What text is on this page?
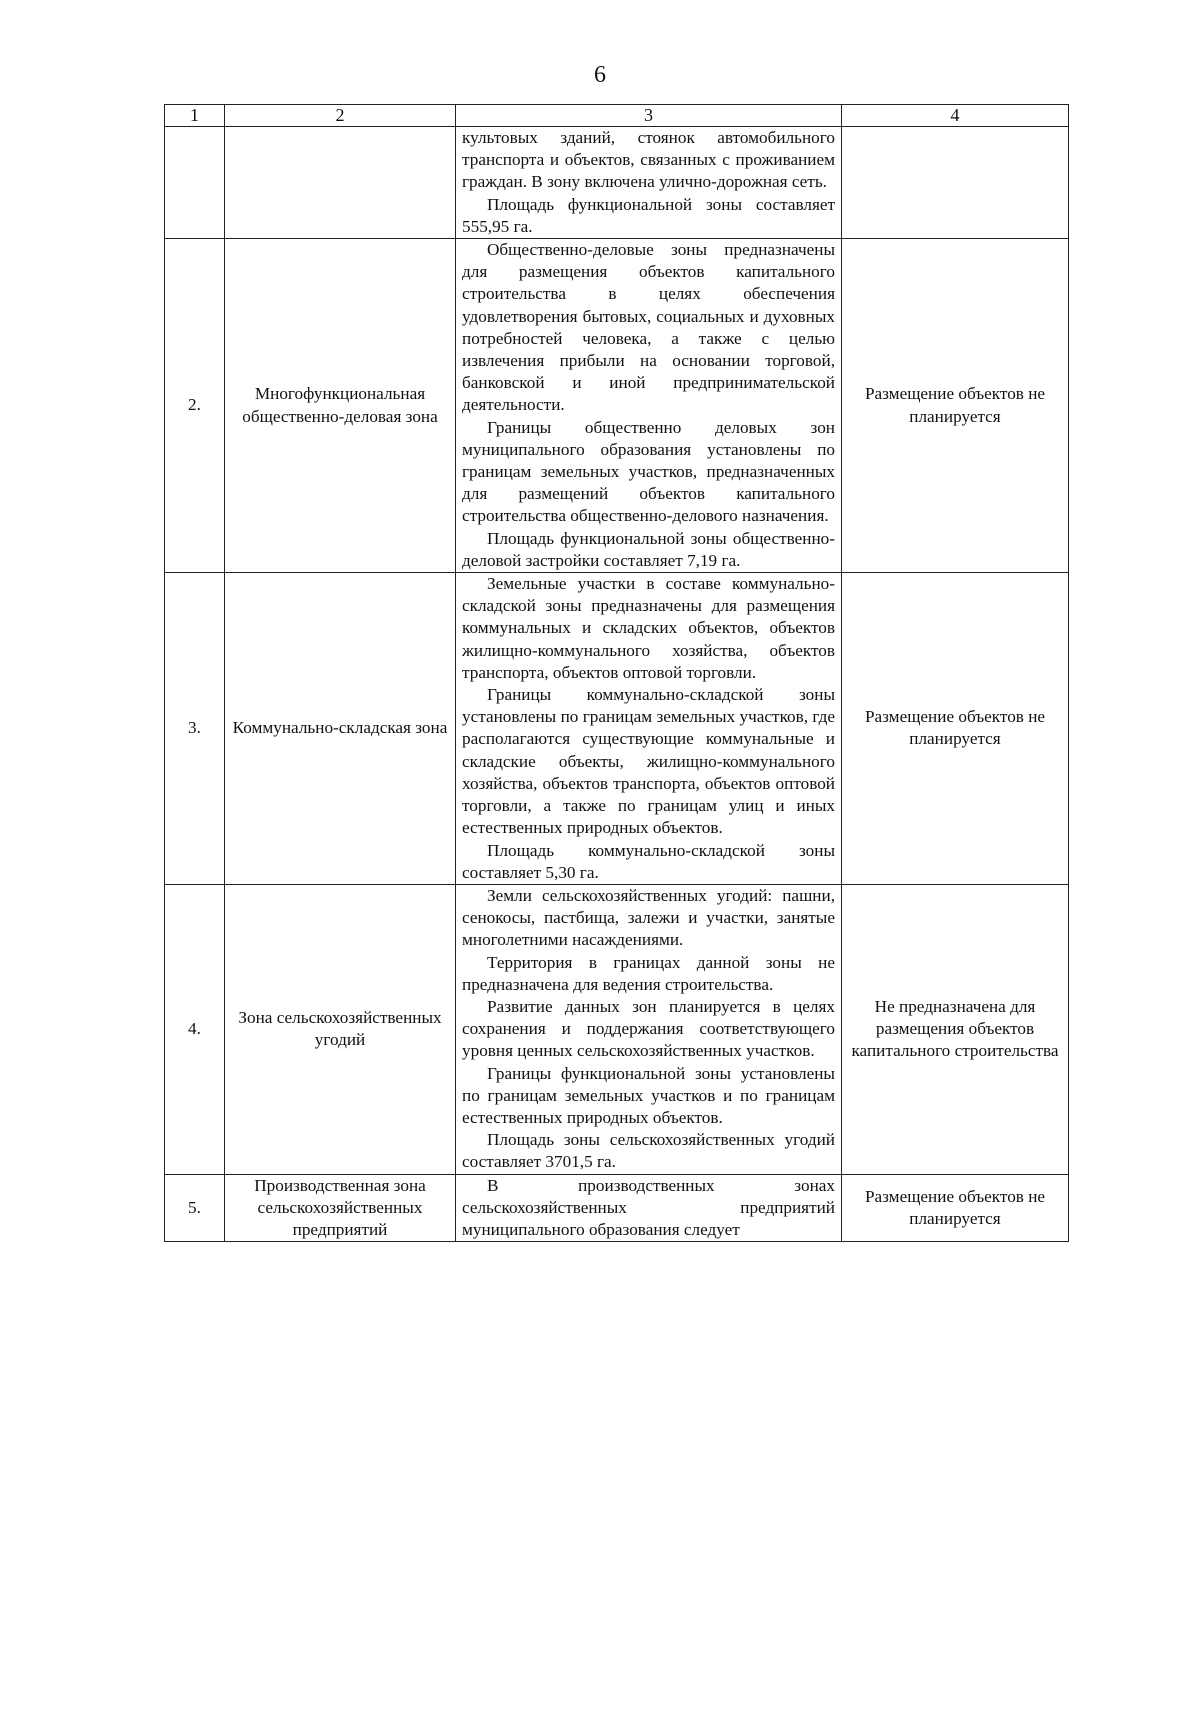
6
1	2	3	4

		культовых зданий, стоянок автомобильного транспорта и объектов, связанных с проживанием граждан. В зону включена улично-дорожная сеть.

Площадь функциональной зоны составляет 555,95 га.	

2.	Многофункциональная общественно-деловая зона	Общественно-деловые зоны предназначены для размещения объектов капитального строительства в целях обеспечения удовлетворения бытовых, социальных и духовных потребностей человека, а также с целью извлечения прибыли на основании торговой, банковской и иной предпринимательской деятельности.

Границы общественно деловых зон муниципального образования установлены по границам земельных участков, предназначенных для размещений объектов капитального строительства общественно-делового назначения.

Площадь функциональной зоны общественно-деловой застройки составляет 7,19 га.	Размещение объектов не планируется
3.	Коммунально-складская зона	Земельные участки в составе коммунально-складской зоны предназначены для размещения коммунальных и складских объектов, объектов жилищно-коммунального хозяйства, объектов транспорта, объектов оптовой торговли.

Границы коммунально-складской зоны установлены по границам земельных участков, где располагаются существующие коммунальные и складские объекты, жилищно-коммунального хозяйства, объектов транспорта, объектов оптовой торговли, а также по границам улиц и иных естественных природных объектов.

Площадь коммунально-складской зоны составляет 5,30 га.	Размещение объектов не планируется
4.	Зона сельскохозяйственных угодий	Земли сельскохозяйственных угодий: пашни, сенокосы, пастбища, залежи и участки, занятые многолетними насаждениями.

Территория в границах данной зоны не предназначена для ведения строительства.

Развитие данных зон планируется в целях сохранения и поддержания соответствующего уровня ценных сельскохозяйственных участков.

Границы функциональной зоны установлены по границам земельных участков и по границам естественных природных объектов.

Площадь зоны сельскохозяйственных угодий составляет 3701,5 га.	Не предназначена для размещения объектов капитального строительства
5.	Производственная зона сельскохозяйственных предприятий	В производственных зонах сельскохозяйственных предприятий муниципального образования следует	Размещение объектов не планируется
